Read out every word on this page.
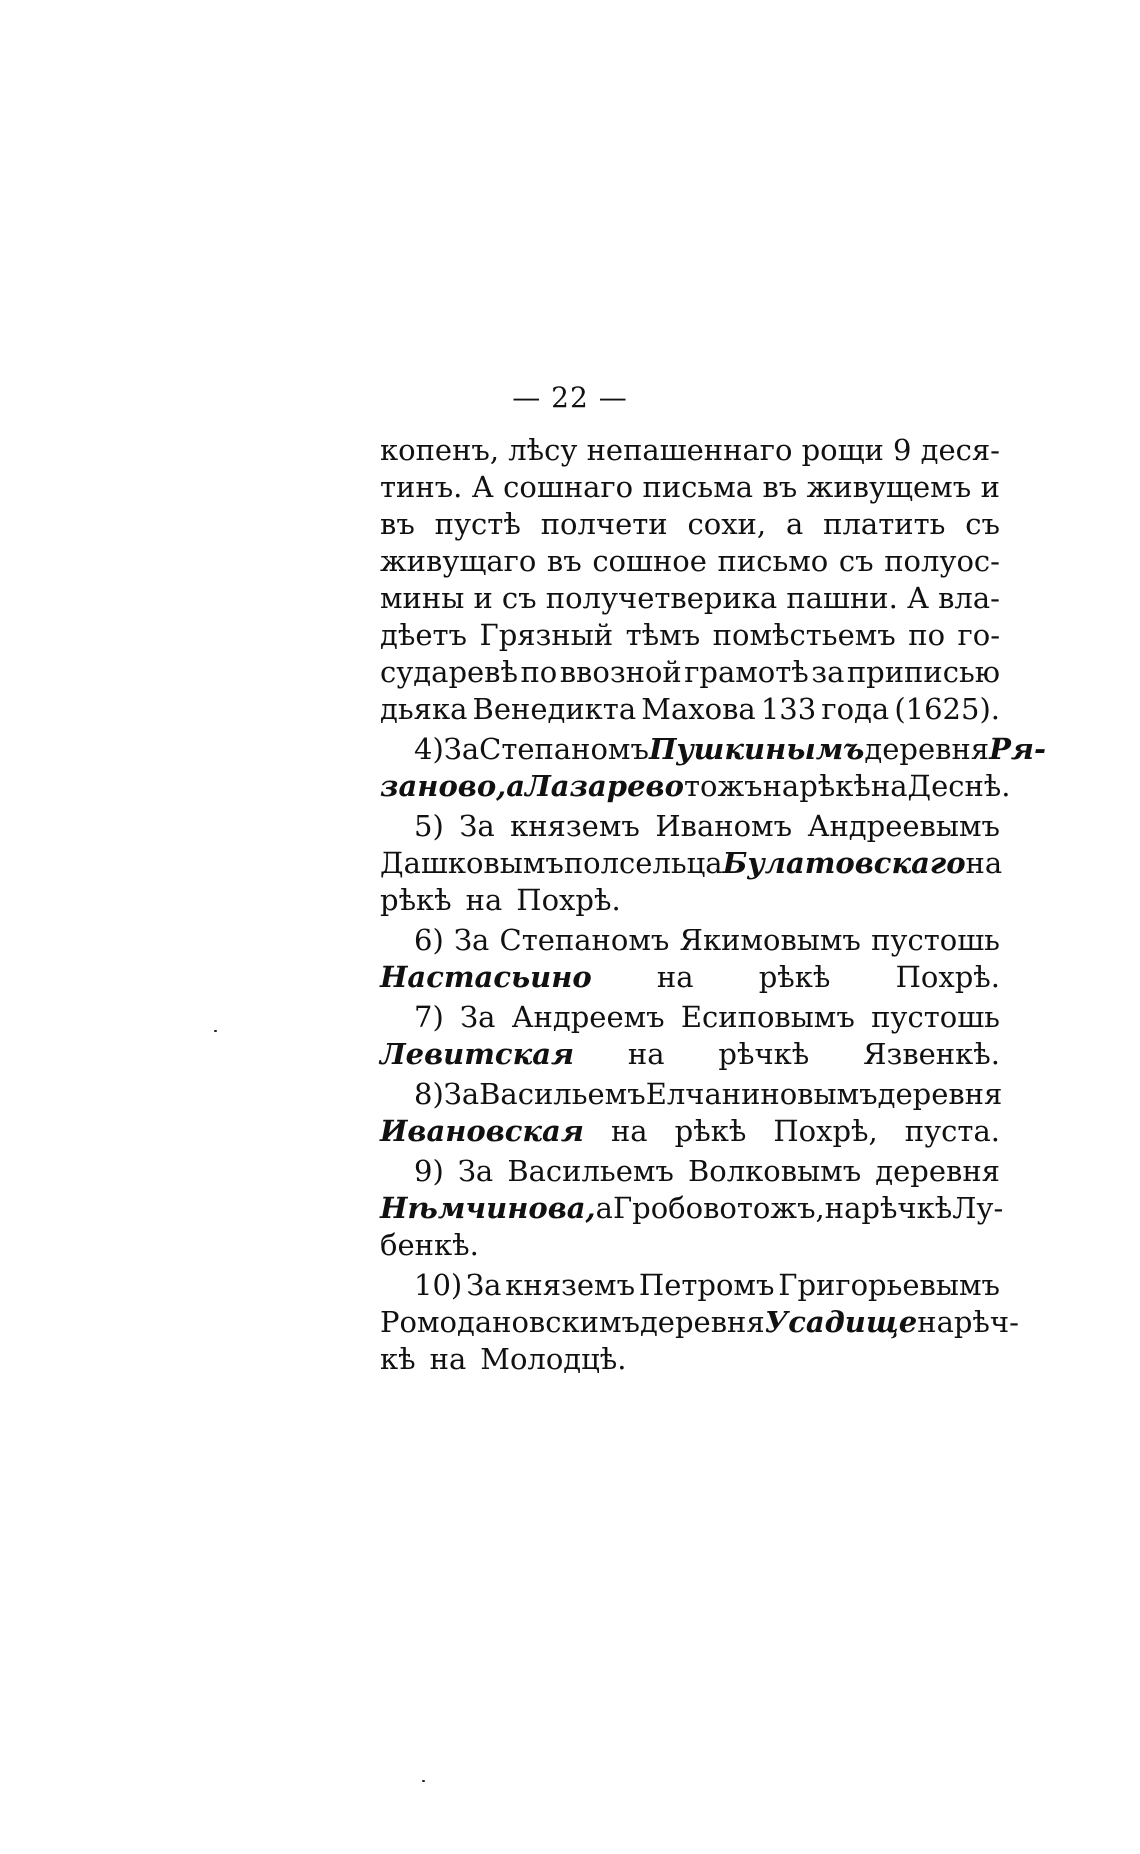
— 22 —
копенъ, лѣсу непашеннаго рощи 9 деся-
тинъ. А сошнаго письма въ живущемъ и
въ пустѣ полчети сохи, а платить съ
живущаго въ сошное письмо съ полуос-
мины и съ получетверика пашни. А вла-
дѣетъ Грязный тѣмъ помѣстьемъ по го-
сударевѣ по ввозной грамотѣ за приписью
дьяка Венедикта Махова 133 года (1625).
4) За Степаномъ Пушкинымъ деревня Ря-
заново, а Лазарево тожъ на рѣкѣ на Деснѣ.
5) За княземъ Иваномъ Андреевымъ
Дашковымъ полсельца Булатовскаго на
рѣкѣ на Похрѣ.
6) За Степаномъ Якимовымъ пустошь
Настасьино на рѣкѣ Похрѣ.
7) За Андреемъ Есиповымъ пустошь
Левитская на рѣчкѣ Язвенкѣ.
8) За Васильемъ Елчаниновымъ деревня
Ивановская на рѣкѣ Похрѣ, пуста.
9) За Васильемъ Волковымъ деревня
Нѣмчинова, а Гробово тожъ, на рѣчкѣ Лу-
бенкѣ.
10) За княземъ Петромъ Григорьевымъ
Ромодановскимъ деревня Усадище на рѣч-
кѣ на Молодцѣ.
